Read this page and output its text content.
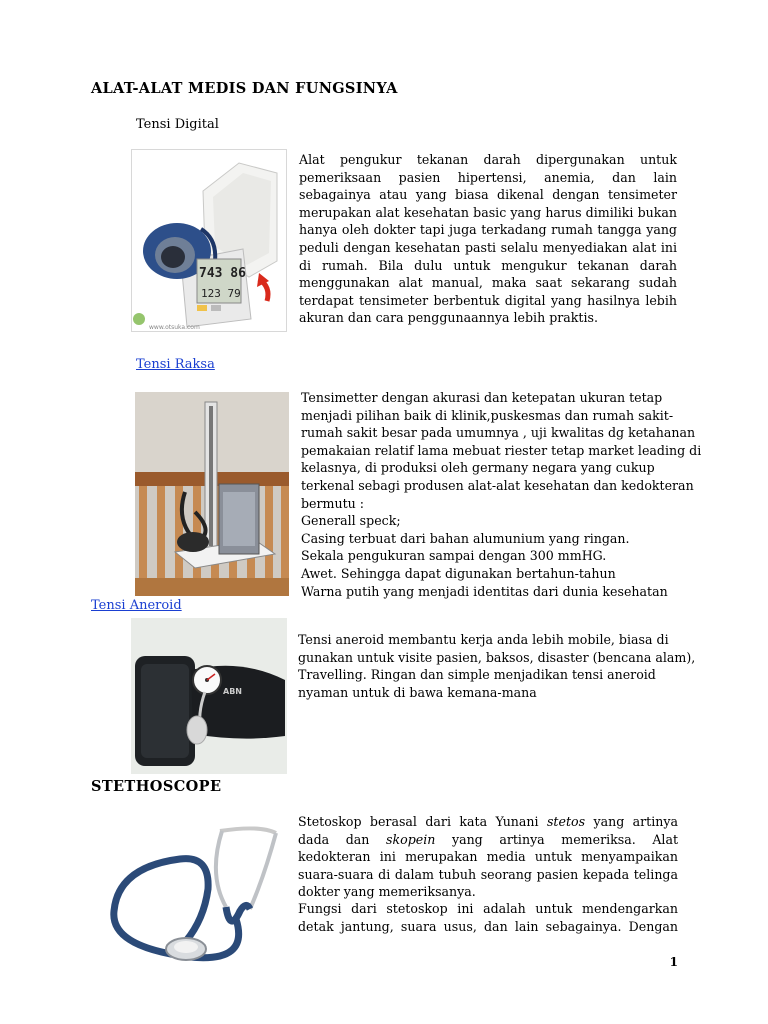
ALAT-ALAT MEDIS DAN FUNGSINYA
Tensi Digital
743 86
123 79
www.otsuka.com
Alat pengukur tekanan darah dipergunakan untuk pemeriksaan pasien hipertensi, anemia, dan lain sebagainya atau yang biasa dikenal dengan tensimeter merupakan alat kesehatan basic yang harus dimiliki bukan hanya oleh dokter tapi juga terkadang rumah tangga yang peduli dengan kesehatan pasti selalu menyediakan alat ini di rumah. Bila dulu untuk mengukur tekanan darah menggunakan alat manual, maka saat sekarang sudah terdapat tensimeter berbentuk digital yang hasilnya lebih akuran dan cara penggunaannya lebih praktis.
Tensi Raksa
Tensimetter dengan akurasi dan ketepatan ukuran tetap
menjadi pilihan baik di klinik,puskesmas dan rumah sakit-
rumah sakit besar pada umumnya , uji kwalitas dg ketahanan
pemakaian relatif lama mebuat riester tetap market leading di
kelasnya, di produksi oleh germany negara yang cukup
terkenal sebagi produsen alat-alat kesehatan dan kedokteran
bermutu :
Generall speck;
Casing terbuat dari bahan alumunium yang ringan.
Sekala pengukuran sampai dengan 300 mmHG.
Awet. Sehingga dapat digunakan bertahun-tahun
Warna putih yang menjadi identitas dari dunia kesehatan
Tensi Aneroid
ABN
Tensi aneroid membantu kerja anda lebih mobile, biasa di
gunakan untuk visite pasien, baksos, disaster (bencana alam),
Travelling. Ringan dan simple menjadikan tensi aneroid
nyaman untuk di bawa kemana-mana
STETHOSCOPE
Stetoskop berasal dari kata Yunani stetos yang artinya dada dan skopein yang artinya memeriksa. Alat kedokteran ini merupakan media untuk menyampaikan suara-suara di dalam tubuh seorang pasien kepada telinga dokter yang memeriksanya.
Fungsi dari stetoskop ini adalah untuk mendengarkan detak jantung, suara usus, dan lain sebagainya. Dengan
1
